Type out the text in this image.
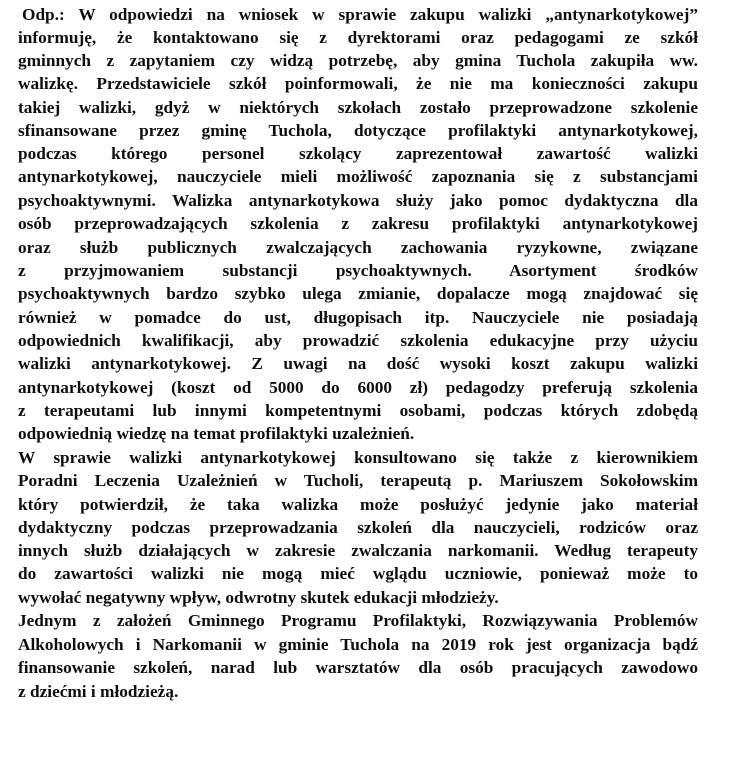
Odp.: W odpowiedzi na wniosek w sprawie zakupu walizki „antynarkotykowej”
informuję, że kontaktowano się z dyrektorami oraz pedagogami ze szkół
gminnych z zapytaniem czy widzą potrzebę, aby gmina Tuchola zakupiła ww.
walizkę. Przedstawiciele szkół poinformowali, że nie ma konieczności zakupu
takiej walizki, gdyż w niektórych szkołach zostało przeprowadzone szkolenie
sfinansowane przez gminę Tuchola, dotyczące profilaktyki antynarkotykowej,
podczas którego personel szkolący zaprezentował zawartość walizki
antynarkotykowej, nauczyciele mieli możliwość zapoznania się z substancjami
psychoaktywnymi. Walizka antynarkotykowa służy jako pomoc dydaktyczna dla
osób przeprowadzających szkolenia z zakresu profilaktyki antynarkotykowej
oraz służb publicznych zwalczających zachowania ryzykowne, związane
z przyjmowaniem substancji psychoaktywnych. Asortyment środków
psychoaktywnych bardzo szybko ulega zmianie, dopalacze mogą znajdować się
również w pomadce do ust, długopisach itp. Nauczyciele nie posiadają
odpowiednich kwalifikacji, aby prowadzić szkolenia edukacyjne przy użyciu
walizki antynarkotykowej. Z uwagi na dość wysoki koszt zakupu walizki
antynarkotykowej (koszt od 5000 do 6000 zł) pedagodzy preferują szkolenia
z terapeutami lub innymi kompetentnymi osobami, podczas których zdobędą
odpowiednią wiedzę na temat profilaktyki uzależnień.
W sprawie walizki antynarkotykowej konsultowano się także z kierownikiem
Poradni Leczenia Uzależnień w Tucholi, terapeutą p. Mariuszem Sokołowskim
który potwierdził, że taka walizka może posłużyć jedynie jako materiał
dydaktyczny podczas przeprowadzania szkoleń dla nauczycieli, rodziców oraz
innych służb działających w zakresie zwalczania narkomanii. Według terapeuty
do zawartości walizki nie mogą mieć wglądu uczniowie, ponieważ może to
wywołać negatywny wpływ, odwrotny skutek edukacji młodzieży.
Jednym z założeń Gminnego Programu Profilaktyki, Rozwiązywania Problemów
Alkoholowych i Narkomanii w gminie Tuchola na 2019 rok jest organizacja bądź
finansowanie szkoleń, narad lub warsztatów dla osób pracujących zawodowo
z dziećmi i młodzieżą.
